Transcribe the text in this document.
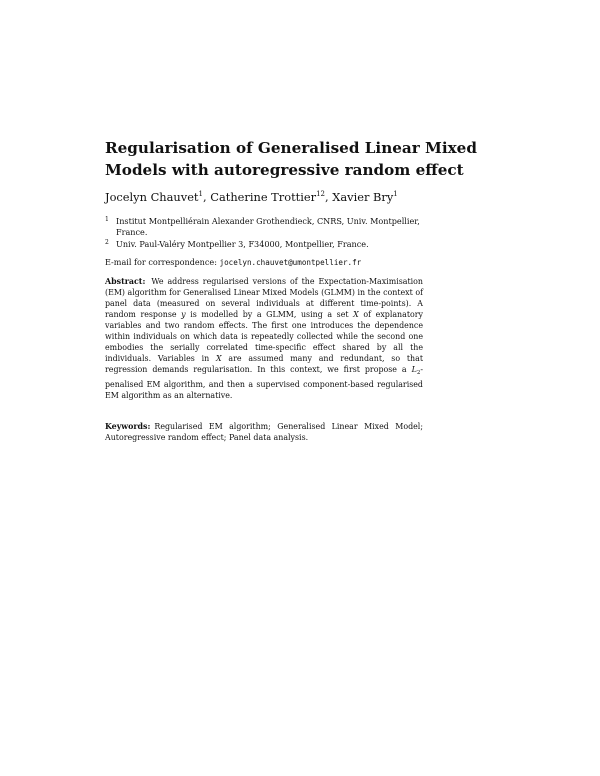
Regularisation of Generalised Linear Mixed Models with autoregressive random effect
Jocelyn Chauvet$^1$, Catherine Trottier$^{12}$, Xavier Bry$^1$
1 Institut Montpelliérain Alexander Grothendieck, CNRS, Univ. Montpellier, France.
2 Univ. Paul-Valéry Montpellier 3, F34000, Montpellier, France.
E-mail for correspondence: jocelyn.chauvet@umontpellier.fr

Abstract: We address regularised versions of the Expectation-Maximisation (EM) algorithm for Generalised Linear Mixed Models (GLMM) in the context of panel data (measured on several individuals at different time-points). A random response y is modelled by a GLMM, using a set X of explanatory variables and two random effects. The first one introduces the dependence within individuals on which data is repeatedly collected while the second one embodies the serially correlated time-specific effect shared by all the individuals. Variables in X are assumed many and redundant, so that regression demands regularisation. In this context, we first propose a $L_2$-penalised EM algorithm, and then a supervised component-based regularised EM algorithm as an alternative.

Keywords: Regularised EM algorithm; Generalised Linear Mixed Model; Autoregressive random effect; Panel data analysis.
